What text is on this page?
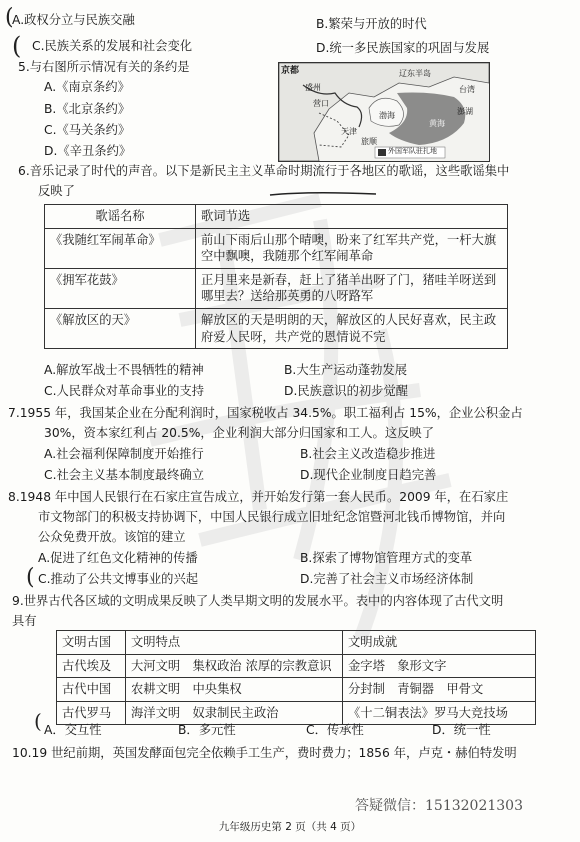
A.政权分立与民族交融	B.繁荣与开放的时代
C.民族关系的发展和社会变化	D.统一多民族国家的巩固与发展
(
(
5.与右图所示情况有关的条约是
A.《南京条约》
B.《北京条约》
C.《马关条约》
D.《辛丑条约》
京都
盛州
营口
辽东半岛
台湾
澎湖
天津
旅顺
渤海
黄海
外国军队驻扎地
6.音乐记录了时代的声音。以下是新民主主义革命时期流行于各地区的歌谣，这些歌谣集中
反映了
歌谣名称	歌词节选
《我随红军闹革命》	前山下雨后山那个晴噢，盼来了红军共产党，一杆大旗
空中飘噢，我随那个红军闹革命

《拥军花鼓》	正月里来是新春，赶上了猪羊出呀了门，猪哇羊呀送到
哪里去？送给那英勇的八呀路军

《解放区的天》	解放区的天是明朗的天，解放区的人民好喜欢，民主政
府爱人民呀，共产党的恩情说不完
A.解放军战士不畏牺牲的精神	B.大生产运动蓬勃发展
C.人民群众对革命事业的支持	D.民族意识的初步觉醒
7.1955 年，我国某企业在分配利润时，国家税收占 34.5%。职工福利占 15%，企业公积金占
30%，资本家红利占 20.5%，企业利润大部分归国家和工人。这反映了
A.社会福利保障制度开始推行	B.社会主义改造稳步推进
C.社会主义基本制度最终确立	D.现代企业制度日趋完善
8.1948 年中国人民银行在石家庄宣告成立，并开始发行第一套人民币。2009 年，在石家庄
市文物部门的积极支持协调下，中国人民银行成立旧址纪念馆暨河北钱币博物馆，并向
公众免费开放。该馆的建立
A.促进了红色文化精神的传播	B.探索了博物馆管理方式的变革
C.推动了公共文博事业的兴起	D.完善了社会主义市场经济体制
(
9.世界古代各区域的文明成果反映了人类早期文明的发展水平。表中的内容体现了古代文明
具有
文明古国	文明特点	文明成就
古代埃及	大河文明　集权政治 浓厚的宗教意识	金字塔　象形文字
古代中国	农耕文明　中央集权	分封制　青铜器　甲骨文
古代罗马	海洋文明　奴隶制民主政治	《十二铜表法》罗马大竞技场
A．交互性	B．多元性	C．传承性	D．统一性
(
10.19 世纪前期，英国发酵面包完全依赖手工生产，费时费力；1856 年，卢克・赫伯特发明
答疑微信：15132021303
九年级历史第 2 页（共 4 页）
